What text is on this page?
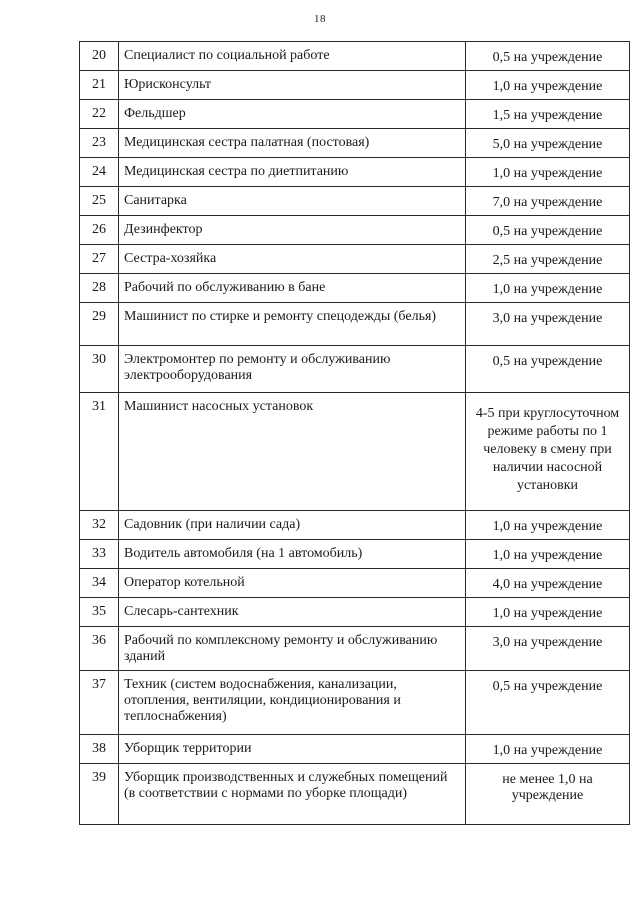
18
20	Специалист по социальной работе	0,5 на учреждение
21	Юрисконсульт	1,0 на учреждение
22	Фельдшер	1,5 на учреждение
23	Медицинская сестра палатная (постовая)	5,0 на учреждение
24	Медицинская сестра по диетпитанию	1,0 на учреждение
25	Санитарка	7,0 на учреждение
26	Дезинфектор	0,5 на учреждение
27	Сестра-хозяйка	2,5 на учреждение
28	Рабочий по обслуживанию в бане	1,0 на учреждение
29	Машинист по стирке и ремонту спецодежды (белья)	3,0 на учреждение
30	Электромонтер по ремонту и обслуживанию электрооборудования	0,5 на учреждение
31	Машинист насосных установок	4-5 при круглосуточном режиме работы по 1 человеку в смену при наличии насосной установки
32	Садовник (при наличии сада)	1,0 на учреждение
33	Водитель автомобиля (на 1 автомобиль)	1,0 на учреждение
34	Оператор котельной	4,0 на учреждение
35	Слесарь-сантехник	1,0 на учреждение
36	Рабочий по комплексному ремонту и обслуживанию зданий	3,0 на учреждение
37	Техник (систем водоснабжения, канализации, отопления, вентиляции, кондиционирования и теплоснабжения)	0,5 на учреждение
38	Уборщик территории	1,0 на учреждение
39	Уборщик производственных и служебных помещений (в соответствии с нормами по уборке площади)	не менее 1,0 на учреждение
